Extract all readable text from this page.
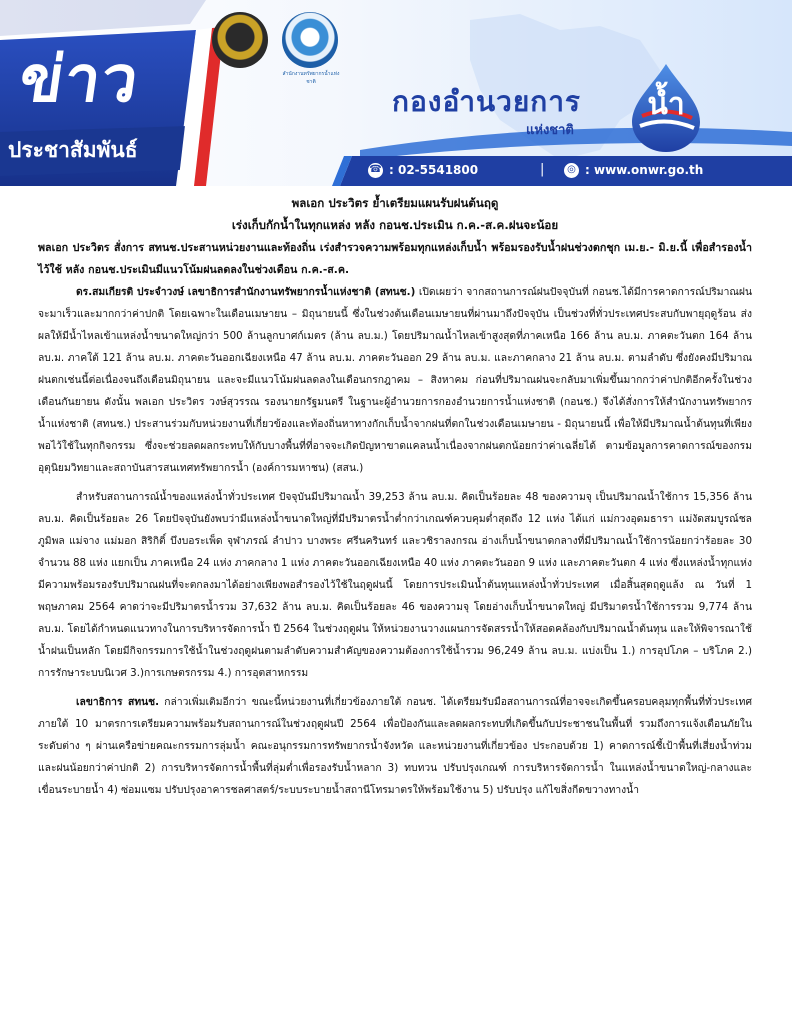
ข่าว
ประชาสัมพันธ์
สำนักงานทรัพยากรน้ำแห่งชาติ
กองอำนวยการ
แห่งชาติ
น้ำ
☎ : 02-5541800	|	◎ : www.onwr.go.th
พลเอก ประวิตร ย้ำเตรียมแผนรับฝนต้นฤดู
เร่งเก็บกักน้ำในทุกแหล่ง หลัง กอนช.ประเมิน ก.ค.-ส.ค.ฝนจะน้อย
พลเอก ประวิตร สั่งการ สทนช.ประสานหน่วยงานและท้องถิ่น เร่งสำรวจความพร้อมทุกแหล่งเก็บน้ำ พร้อมรองรับน้ำฝนช่วงตกชุก เม.ย.- มิ.ย.นี้ เพื่อสำรองน้ำไว้ใช้ หลัง กอนช.ประเมินมีแนวโน้มฝนลดลงในช่วงเดือน ก.ค.-ส.ค.

ดร.สมเกียรติ ประจำวงษ์ เลขาธิการสำนักงานทรัพยากรน้ำแห่งชาติ (สทนช.) เปิดเผยว่า จากสถานการณ์ฝนปัจจุบันที่ กอนช.ได้มีการคาดการณ์ปริมาณฝนจะมาเร็วและมากกว่าค่าปกติ โดยเฉพาะในเดือนเมษายน – มิถุนายนนี้ ซึ่งในช่วงต้นเดือนเมษายนที่ผ่านมาถึงปัจจุบัน เป็นช่วงที่ทั่วประเทศประสบกับพายุฤดูร้อน ส่งผลให้มีน้ำไหลเข้าแหล่งน้ำขนาดใหญ่กว่า 500 ล้านลูกบาศก์เมตร (ล้าน ลบ.ม.) โดยปริมาณน้ำไหลเข้าสูงสุดที่ภาคเหนือ 166 ล้าน ลบ.ม. ภาคตะวันตก 164 ล้าน ลบ.ม. ภาคใต้ 121 ล้าน ลบ.ม. ภาคตะวันออกเฉียงเหนือ 47 ล้าน ลบ.ม. ภาคตะวันออก 29 ล้าน ลบ.ม. และภาคกลาง 21 ล้าน ลบ.ม. ตามลำดับ ซึ่งยังคงมีปริมาณฝนตกเช่นนี้ต่อเนื่องจนถึงเดือนมิถุนายน และจะมีแนวโน้มฝนลดลงในเดือนกรกฎาคม – สิงหาคม ก่อนที่ปริมาณฝนจะกลับมาเพิ่มขึ้นมากกว่าค่าปกติอีกครั้งในช่วงเดือนกันยายน ดังนั้น พลเอก ประวิตร วงษ์สุวรรณ รองนายกรัฐมนตรี ในฐานะผู้อำนวยการกองอำนวยการน้ำแห่งชาติ (กอนช.) จึงได้สั่งการให้สำนักงานทรัพยากรน้ำแห่งชาติ (สทนช.) ประสานร่วมกับหน่วยงานที่เกี่ยวข้องและท้องถิ่นหาทางกักเก็บน้ำจากฝนที่ตกในช่วงเดือนเมษายน - มิถุนายนนี้ เพื่อให้มีปริมาณน้ำต้นทุนที่เพียงพอไว้ใช้ในทุกกิจกรรม ซึ่งจะช่วยลดผลกระทบให้กับบางพื้นที่ที่อาจจะเกิดปัญหาขาดแคลนน้ำเนื่องจากฝนตกน้อยกว่าค่าเฉลี่ยได้ ตามข้อมูลการคาดการณ์ของกรมอุตุนิยมวิทยาและสถาบันสารสนเทศทรัพยากรน้ำ (องค์การมหาชน) (สสน.)

สำหรับสถานการณ์น้ำของแหล่งน้ำทั่วประเทศ ปัจจุบันมีปริมาณน้ำ 39,253 ล้าน ลบ.ม. คิดเป็นร้อยละ 48 ของความจุ เป็นปริมาณน้ำใช้การ 15,356 ล้าน ลบ.ม. คิดเป็นร้อยละ 26 โดยปัจจุบันยังพบว่ามีแหล่งน้ำขนาดใหญ่ที่มีปริมาตรน้ำต่ำกว่าเกณฑ์ควบคุมต่ำสุดถึง 12 แห่ง ได้แก่ แม่กวงอุดมธารา แม่งัดสมบูรณ์ชล ภูมิพล แม่จาง แม่มอก สิริกิติ์ บึงบอระเพ็ด จุฬาภรณ์ ลำปาว บางพระ ศรีนครินทร์ และวชิราลงกรณ อ่างเก็บน้ำขนาดกลางที่มีปริมาณน้ำใช้การน้อยกว่าร้อยละ 30 จำนวน 88 แห่ง แยกเป็น ภาคเหนือ 24 แห่ง ภาคกลาง 1 แห่ง ภาคตะวันออกเฉียงเหนือ 40 แห่ง ภาคตะวันออก 9 แห่ง และภาคตะวันตก 4 แห่ง ซึ่งแหล่งน้ำทุกแห่งมีความพร้อมรองรับปริมาณฝนที่จะตกลงมาได้อย่างเพียงพอสำรองไว้ใช้ในฤดูฝนนี้ โดยการประเมินน้ำต้นทุนแหล่งน้ำทั่วประเทศ เมื่อสิ้นสุดฤดูแล้ง ณ วันที่ 1 พฤษภาคม 2564 คาดว่าจะมีปริมาตรน้ำรวม 37,632 ล้าน ลบ.ม. คิดเป็นร้อยละ 46 ของความจุ โดยอ่างเก็บน้ำขนาดใหญ่ มีปริมาตรน้ำใช้การรวม 9,774 ล้าน ลบ.ม. โดยได้กำหนดแนวทางในการบริหารจัดการน้ำ ปี 2564 ในช่วงฤดูฝน ให้หน่วยงานวางแผนการจัดสรรน้ำให้สอดคล้องกับปริมาณน้ำต้นทุน และให้พิจารณาใช้น้ำฝนเป็นหลัก โดยมีกิจกรรมการใช้น้ำในช่วงฤดูฝนตามลำดับความสำคัญของความต้องการใช้น้ำรวม 96,249 ล้าน ลบ.ม. แบ่งเป็น 1.) การอุปโภค – บริโภค 2.) การรักษาระบบนิเวศ 3.)การเกษตรกรรม 4.) การอุตสาหกรรม

เลขาธิการ สทนช. กล่าวเพิ่มเติมอีกว่า ขณะนี้หน่วยงานที่เกี่ยวข้องภายใต้ กอนช. ได้เตรียมรับมือสถานการณ์ที่อาจจะเกิดขึ้นครอบคลุมทุกพื้นที่ทั่วประเทศภายใต้ 10 มาตรการเตรียมความพร้อมรับสถานการณ์ในช่วงฤดูฝนปี 2564 เพื่อป้องกันและลดผลกระทบที่เกิดขึ้นกับประชาชนในพื้นที่ รวมถึงการแจ้งเตือนภัยในระดับต่าง ๆ ผ่านเครือข่ายคณะกรรมการลุ่มน้ำ คณะอนุกรรมการทรัพยากรน้ำจังหวัด และหน่วยงานที่เกี่ยวข้อง ประกอบด้วย 1) คาดการณ์ชี้เป้าพื้นที่เสี่ยงน้ำท่วมและฝนน้อยกว่าค่าปกติ 2) การบริหารจัดการน้ำพื้นที่ลุ่มต่ำเพื่อรองรับน้ำหลาก 3) ทบทวน ปรับปรุงเกณฑ์ การบริหารจัดการน้ำ ในแหล่งน้ำขนาดใหญ่-กลางและเขื่อนระบายน้ำ 4) ซ่อมแซม ปรับปรุงอาคารชลศาสตร์/ระบบระบายน้ำสถานีโทรมาตรให้พร้อมใช้งาน 5) ปรับปรุง แก้ไขสิ่งกีดขวางทางน้ำ
